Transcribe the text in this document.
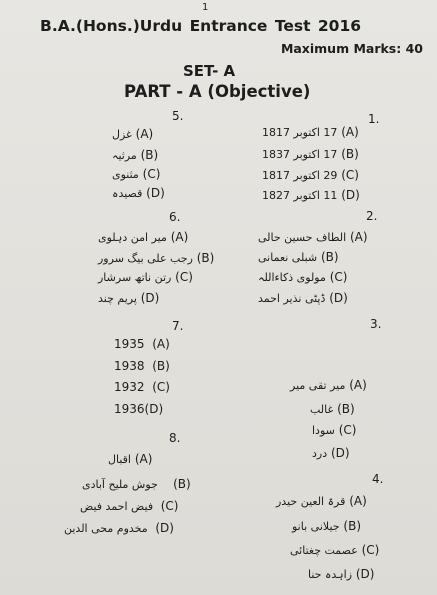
1
B.A.(Hons.)Urdu Entrance Test 2016
Maximum Marks: 40
SET- A
PART - A (Objective)
1.
17 اکتوبر 1817 (A)
17 اکتوبر 1837 (B)
29 اکتوبر 1817 (C)
11 اکتوبر 1827 (D)
5.
غزل (A)
مرثیہ (B)
مثنوی (C)
قصیدہ (D)
2.
الطاف حسین حالی (A)
شبلی نعمانی (B)
مولوی ذکاءاللہ (C)
ڈپٹی نذیر احمد (D)
6.
میر امن دہلوی (A)
رجب علی بیگ سرور (B)
رتن ناتھ سرشار (C)
پریم چند (D)
3.
میر تقی میر (A)
غالب (B)
سودا (C)
درد (D)
7.
1935 (A)
1938 (B)
1932 (C)
1936(D)
8.
اقبال (A)
جوش ملیح آبادی (B)
فیض احمد فیض (C)
مخدوم محی الدین (D)
4.
قرۃ العین حیدر (A)
جیلانی بانو (B)
عصمت چغتائی (C)
زاہدہ حنا (D)
